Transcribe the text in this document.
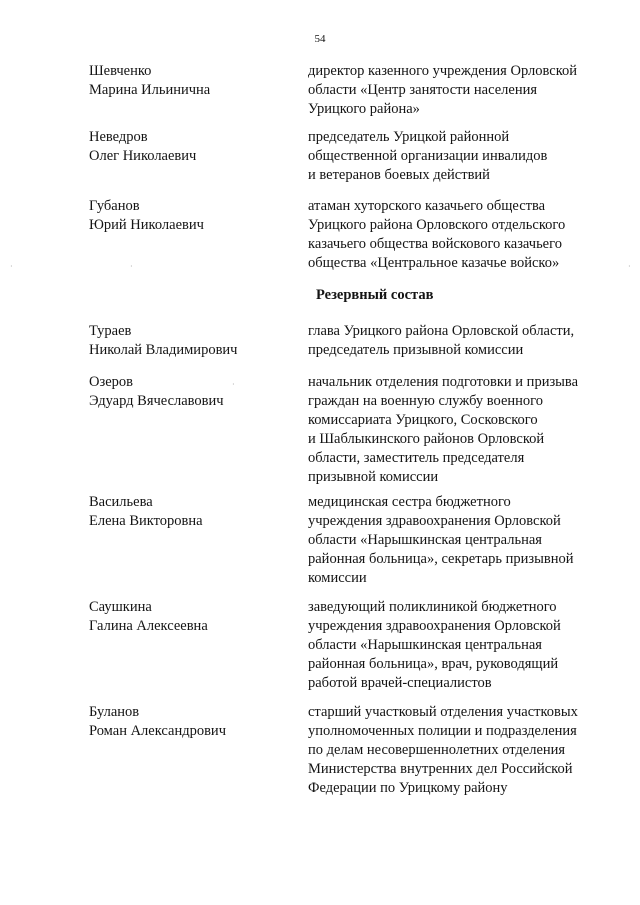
54
Шевченко
Марина Ильинична
директор казенного учреждения Орловской
области «Центр занятости населения
Урицкого района»
Неведров
Олег Николаевич
председатель Урицкой районной
общественной организации инвалидов
и ветеранов боевых действий
Губанов
Юрий Николаевич
атаман хуторского казачьего общества
Урицкого района Орловского отдельского
казачьего общества войскового казачьего
общества «Центральное казачье войско»
Резервный состав
Тураев
Николай Владимирович
глава Урицкого района Орловской области,
председатель призывной комиссии
Озеров
Эдуард Вячеславович
начальник отделения подготовки и призыва
граждан на военную службу военного
комиссариата Урицкого, Сосковского
и Шаблыкинского районов Орловской
области, заместитель председателя
призывной комиссии
Васильева
Елена Викторовна
медицинская сестра бюджетного
учреждения здравоохранения Орловской
области «Нарышкинская центральная
районная больница», секретарь призывной
комиссии
Саушкина
Галина Алексеевна
заведующий поликлиникой бюджетного
учреждения здравоохранения Орловской
области «Нарышкинская центральная
районная больница», врач, руководящий
работой врачей-специалистов
Буланов
Роман Александрович
старший участковый отделения участковых
уполномоченных полиции и подразделения
по делам несовершеннолетних отделения
Министерства внутренних дел Российской
Федерации по Урицкому району
·	·	·
·
